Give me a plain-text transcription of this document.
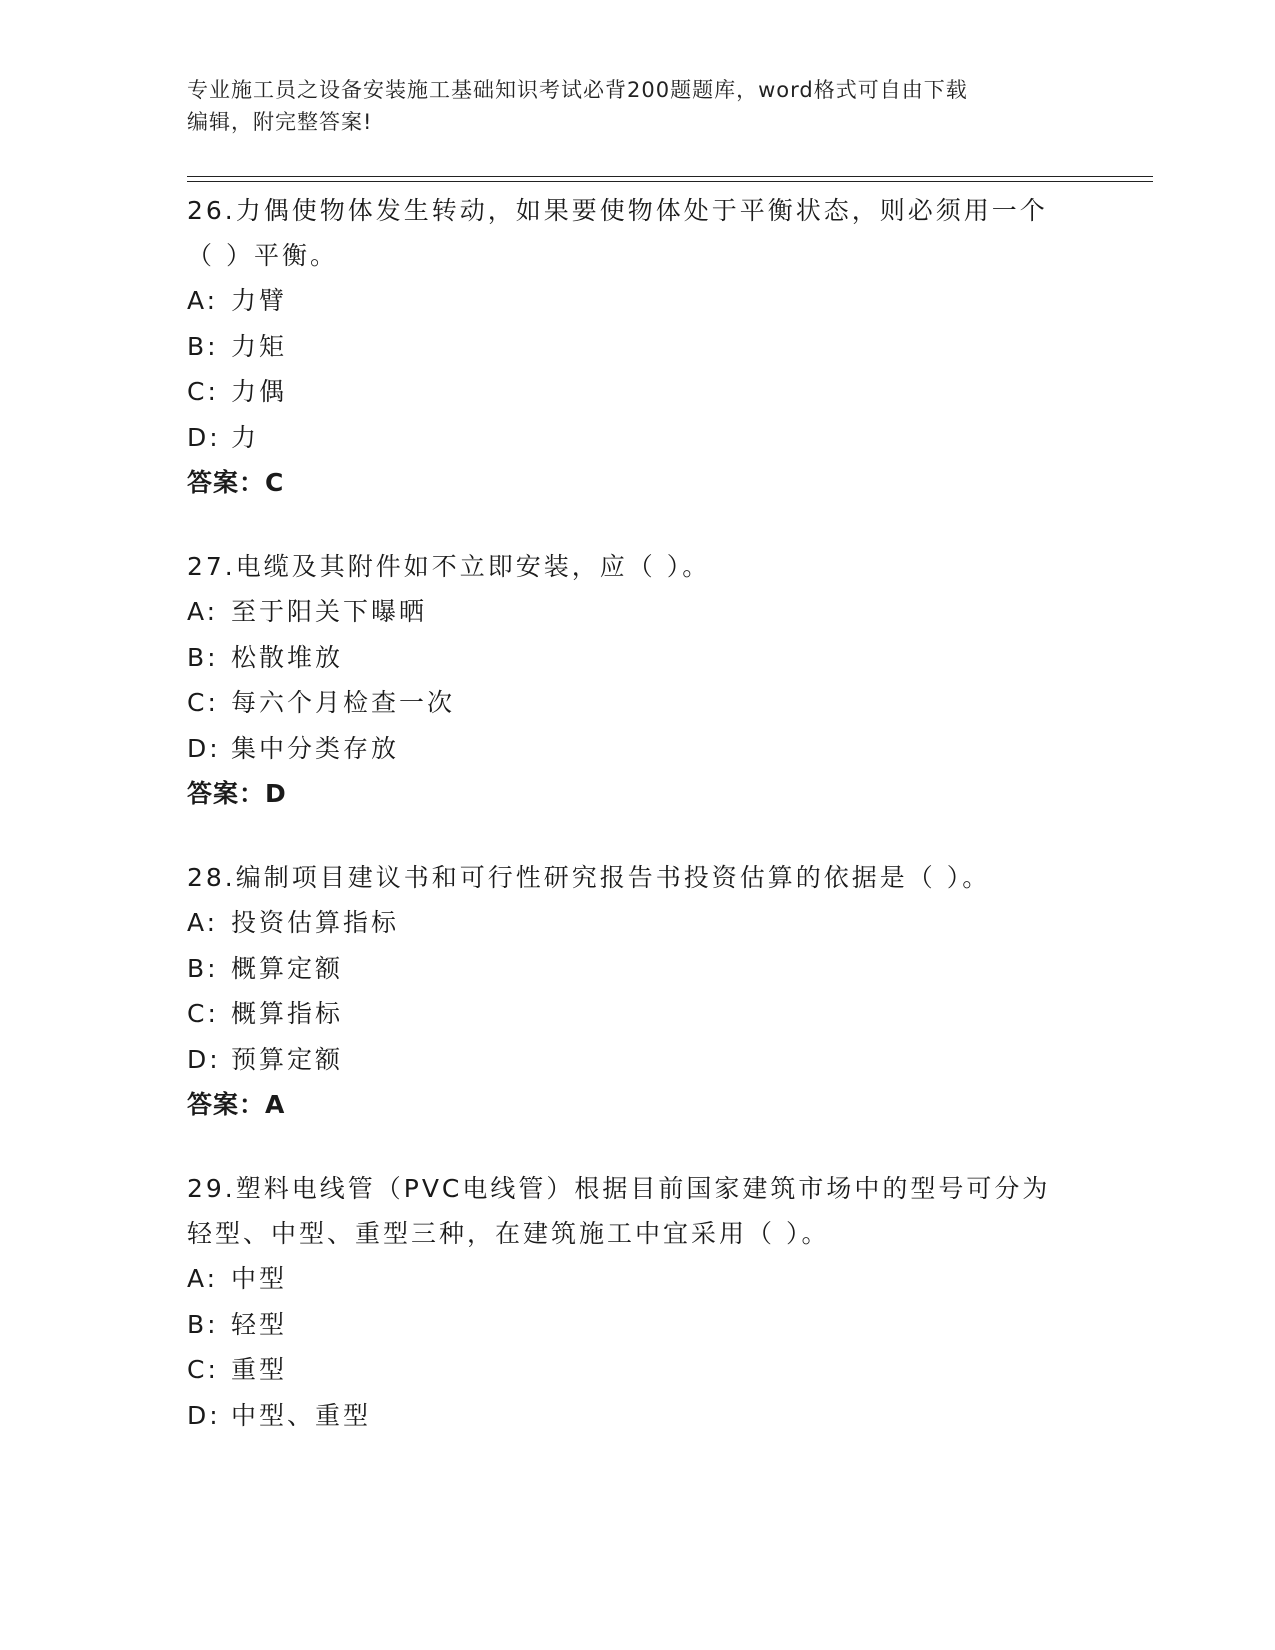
专业施工员之设备安装施工基础知识考试必背200题题库，word格式可自由下载
编辑，附完整答案!

26.力偶使物体发生转动，如果要使物体处于平衡状态，则必须用一个

（ ）平衡。

A: 力臂

B: 力矩

C: 力偶

D: 力

答案：C

27.电缆及其附件如不立即安装，应（ ）。

A: 至于阳关下曝晒

B: 松散堆放

C: 每六个月检查一次

D: 集中分类存放

答案：D

28.编制项目建议书和可行性研究报告书投资估算的依据是（ ）。

A: 投资估算指标

B: 概算定额

C: 概算指标

D: 预算定额

答案：A

29.塑料电线管（PVC电线管）根据目前国家建筑市场中的型号可分为

轻型、中型、重型三种，在建筑施工中宜采用（ ）。

A: 中型

B: 轻型

C: 重型

D: 中型、重型
